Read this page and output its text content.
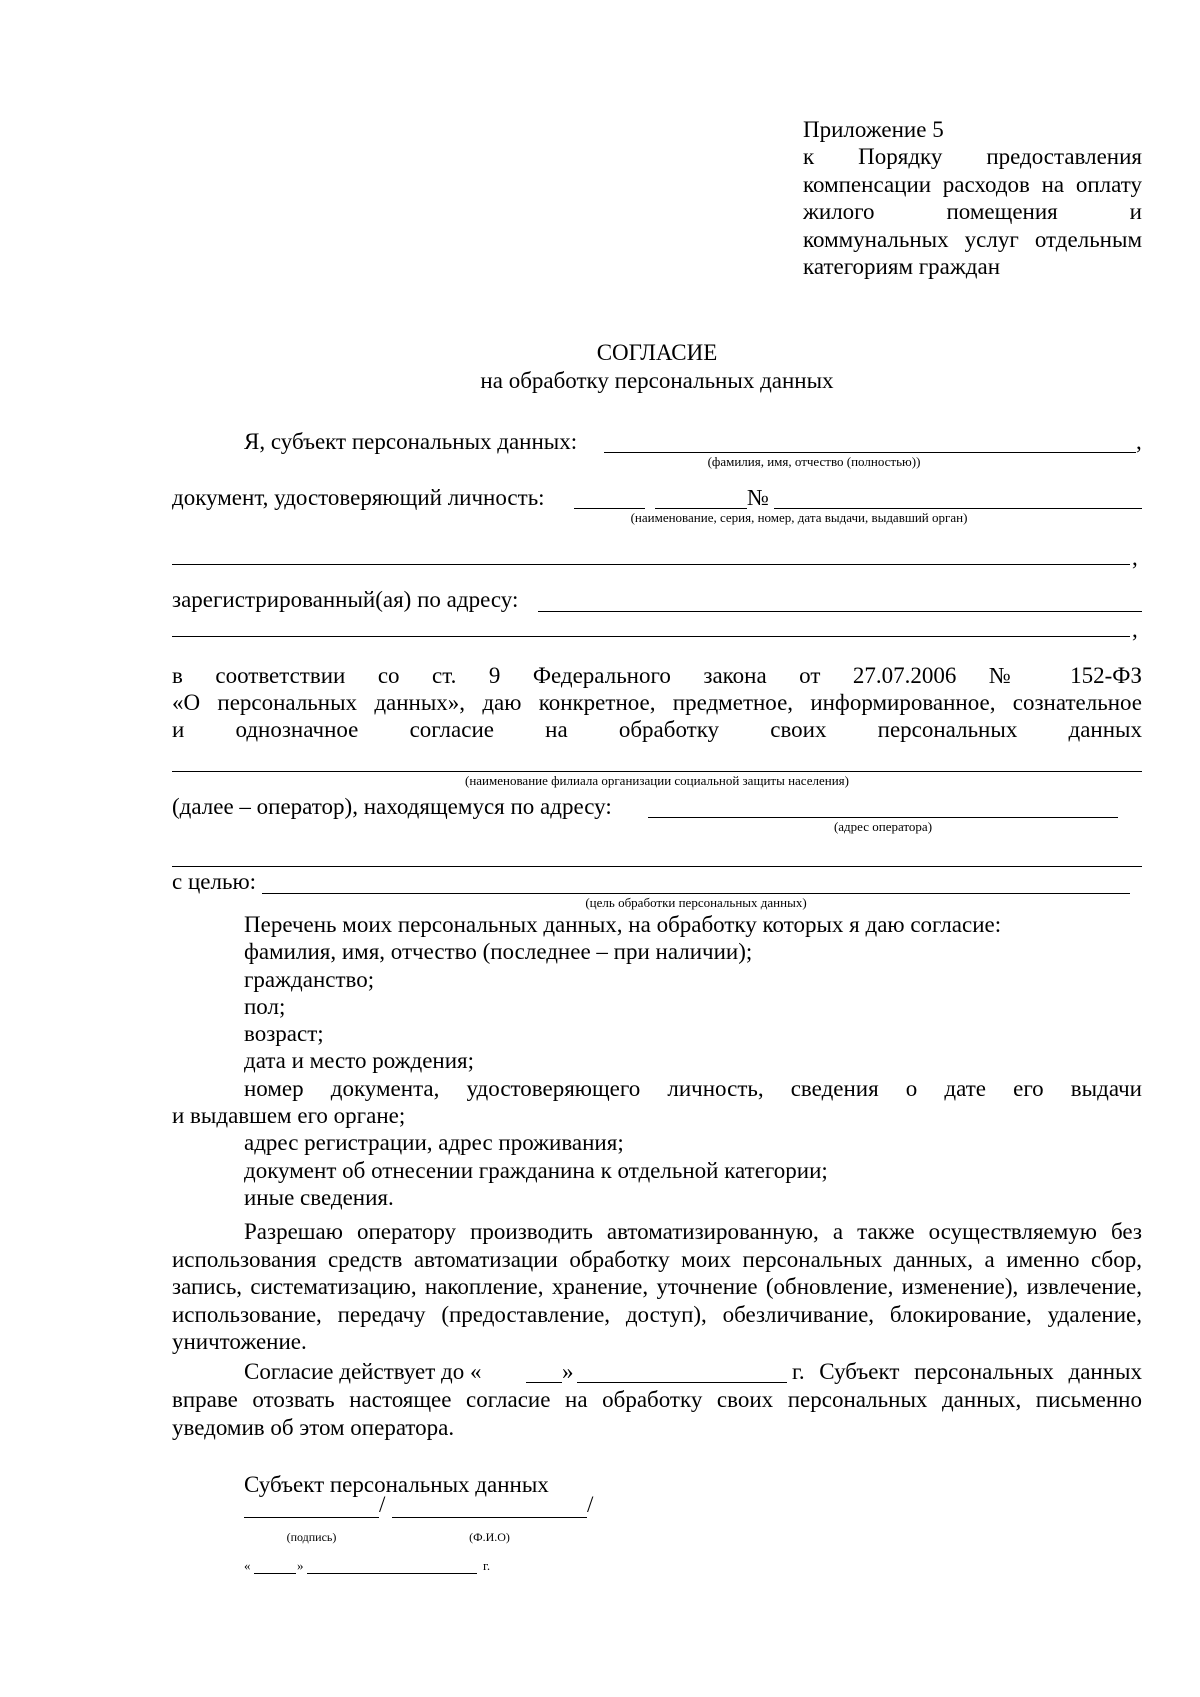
Приложение 5
к Порядку предоставления
компенсации расходов на оплату
жилого помещения и
коммунальных услуг отдельным
категориям граждан
СОГЛАСИЕ
на обработку персональных данных
Я, субъект персональных данных:	,
(фамилия, имя, отчество (полностью))
документ, удостоверяющий личность:	№
(наименование, серия, номер, дата выдачи, выдавший орган)
,
зарегистрированный(ая) по адресу:
,
в соответствии со ст. 9 Федерального закона от 27.07.2006 № 152-ФЗ
«О персональных данных», даю конкретное, предметное, информированное, сознательное
и однозначное согласие на обработку своих персональных данных
(наименование филиала организации социальной защиты населения)
(далее – оператор), находящемуся по адресу:
(адрес оператора)
с целью:
(цель обработки персональных данных)
Перечень моих персональных данных, на обработку которых я даю согласие:
фамилия, имя, отчество (последнее – при наличии);
гражданство;
пол;
возраст;
дата и место рождения;
номер документа, удостоверяющего личность, сведения о дате его выдачи
и выдавшем его органе;
адрес регистрации, адрес проживания;
документ об отнесении гражданина к отдельной категории;
иные сведения.

Разрешаю оператору производить автоматизированную, а также осуществляемую без использования средств автоматизации обработку моих персональных данных, а именно сбор, запись, систематизацию, накопление, хранение, уточнение (обновление, изменение), извлечение, использование, передачу (предоставление, доступ), обезличивание, блокирование, удаление, уничтожение.

Согласие действует до «	»	г. Субъект персональных данных

вправе отозвать настоящее согласие на обработку своих персональных данных, письменно уведомив об этом оператора.

Субъект персональных данных
/	/
(подпись)	(Ф.И.О)
«	»	г.
